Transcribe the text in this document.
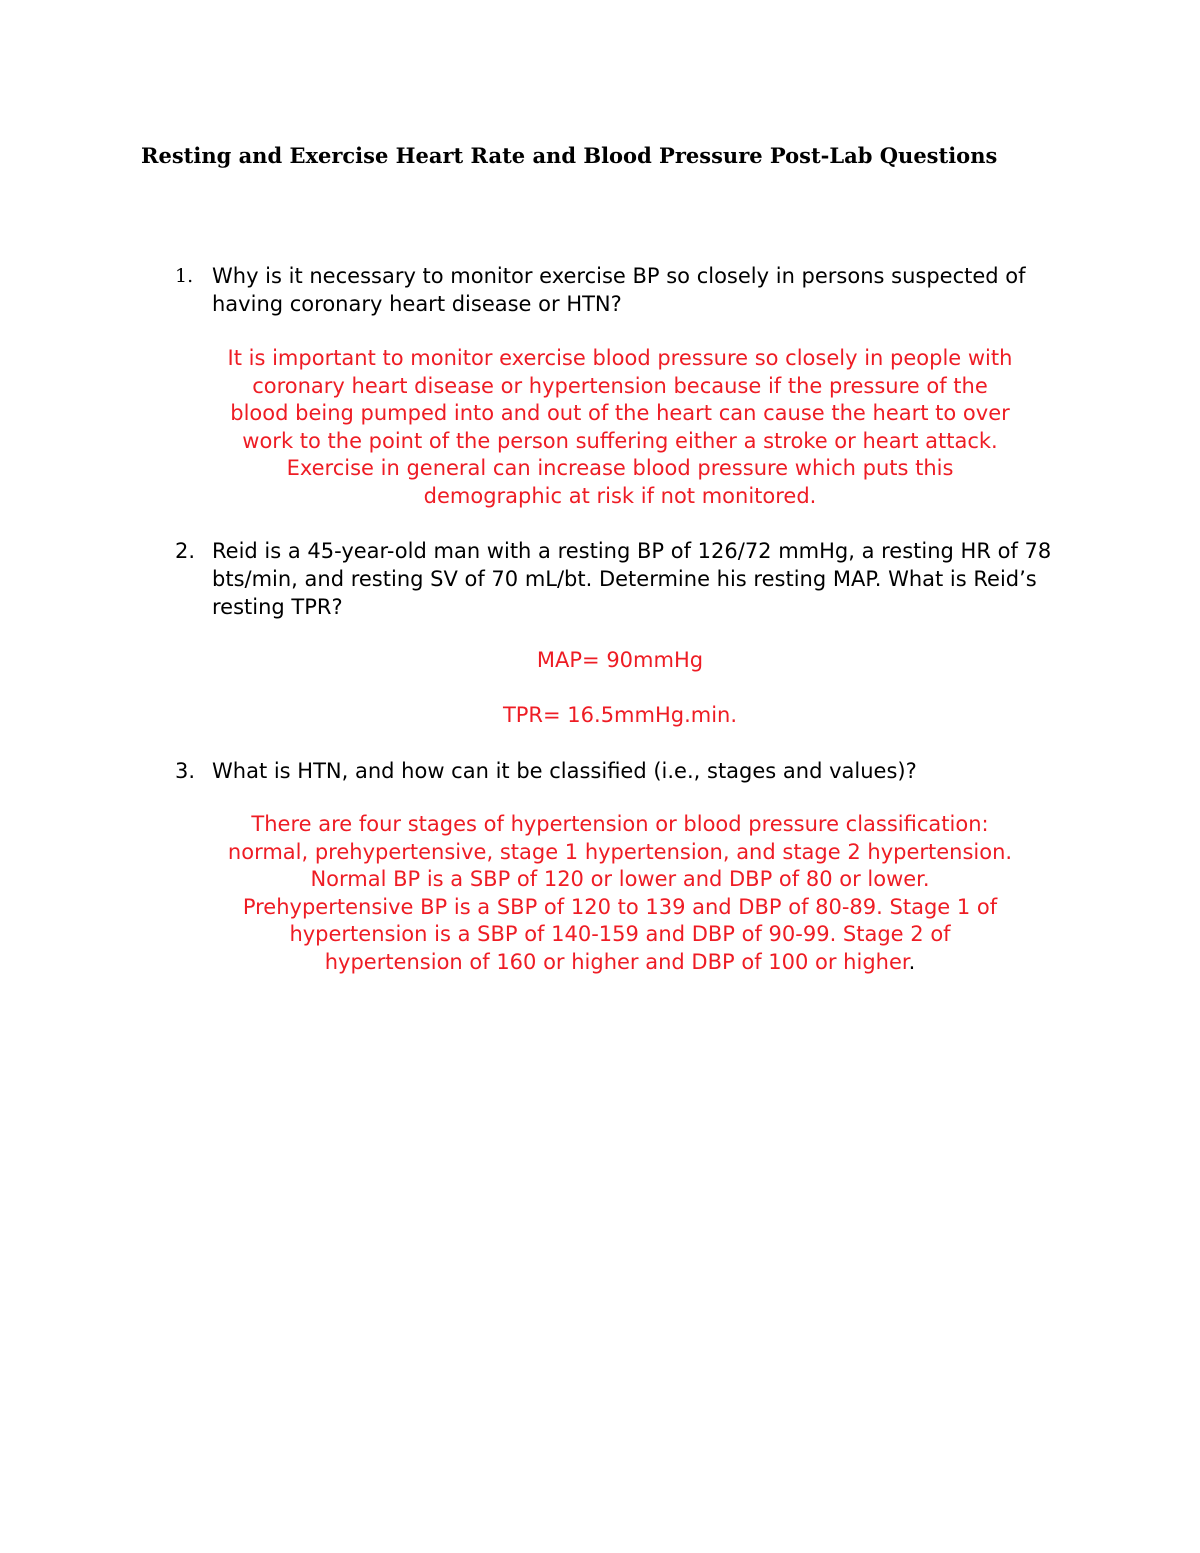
Resting and Exercise Heart Rate and Blood Pressure Post-Lab Questions
1. Why is it necessary to monitor exercise BP so closely in persons suspected of having coronary heart disease or HTN?
It is important to monitor exercise blood pressure so closely in people with
coronary heart disease or hypertension because if the pressure of the
blood being pumped into and out of the heart can cause the heart to over
work to the point of the person suffering either a stroke or heart attack.
Exercise in general can increase blood pressure which puts this
demographic at risk if not monitored.
2. Reid is a 45-year-old man with a resting BP of 126/72 mmHg, a resting HR of 78 bts/min, and resting SV of 70 mL/bt. Determine his resting MAP. What is Reid’s resting TPR?
MAP= 90mmHg
TPR= 16.5mmHg.min.
3. What is HTN, and how can it be classified (i.e., stages and values)?
There are four stages of hypertension or blood pressure classification:
normal, prehypertensive, stage 1 hypertension, and stage 2 hypertension.
Normal BP is a SBP of 120 or lower and DBP of 80 or lower.
Prehypertensive BP is a SBP of 120 to 139 and DBP of 80-89. Stage 1 of
hypertension is a SBP of 140-159 and DBP of 90-99. Stage 2 of
hypertension of 160 or higher and DBP of 100 or higher.
